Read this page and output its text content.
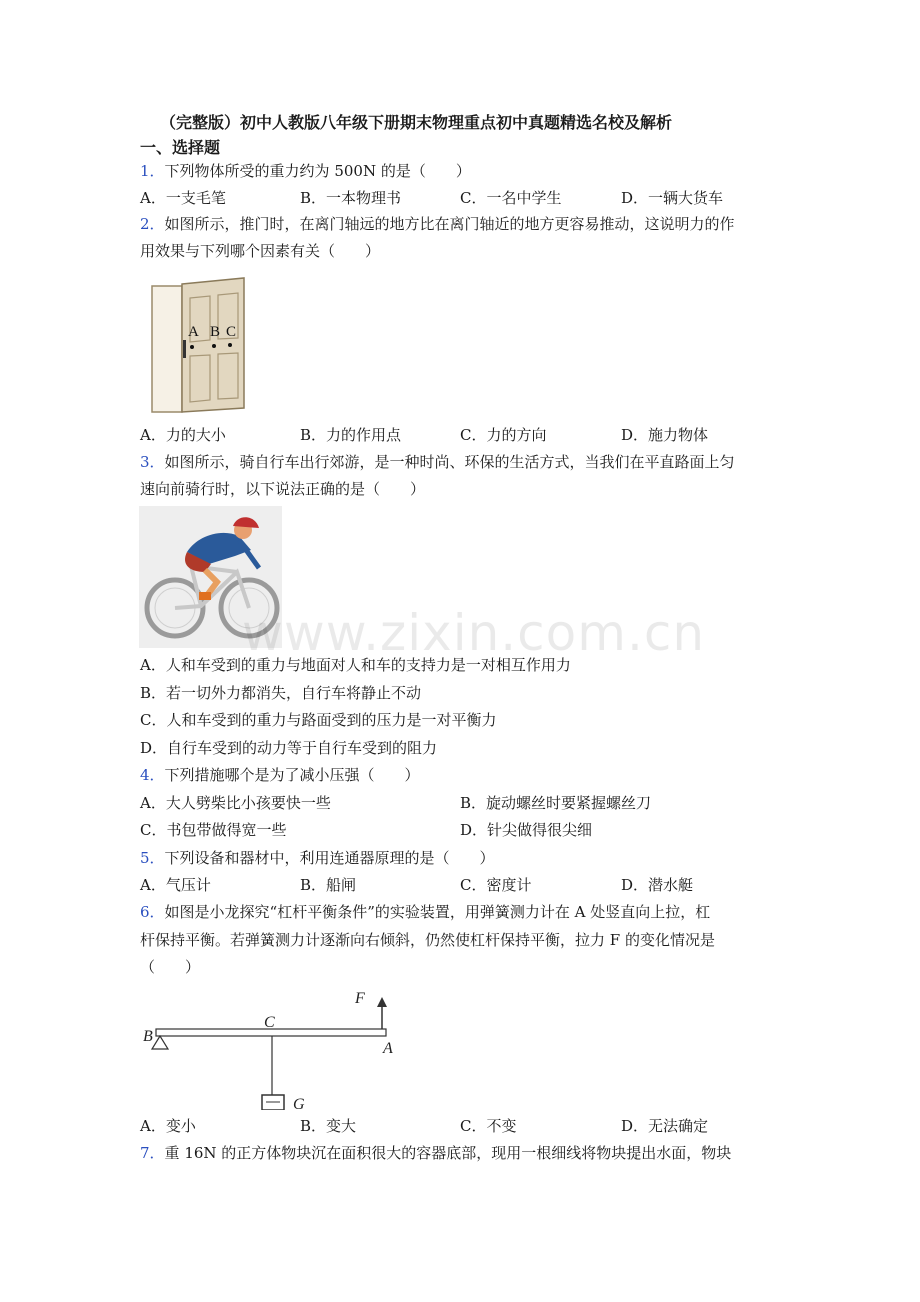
（完整版）初中人教版八年级下册期末物理重点初中真题精选名校及解析
一、选择题
1．下列物体所受的重力约为 500N 的是（　　）
A．一支毛笔	B．一本物理书	C．一名中学生	D．一辆大货车
2．如图所示，推门时，在离门轴远的地方比在离门轴近的地方更容易推动，这说明力的作
用效果与下列哪个因素有关（　　）
A B C
A．力的大小	B．力的作用点	C．力的方向	D．施力物体
3．如图所示，骑自行车出行郊游，是一种时尚、环保的生活方式，当我们在平直路面上匀
速向前骑行时，以下说法正确的是（　　）
A．人和车受到的重力与地面对人和车的支持力是一对相互作用力
B．若一切外力都消失，自行车将静止不动
C．人和车受到的重力与路面受到的压力是一对平衡力
D．自行车受到的动力等于自行车受到的阻力
4．下列措施哪个是为了减小压强（　　）
A．大人劈柴比小孩要快一些	B．旋动螺丝时要紧握螺丝刀
C．书包带做得宽一些	D．针尖做得很尖细
5．下列设备和器材中，利用连通器原理的是（　　）
A．气压计	B．船闸	C．密度计	D．潜水艇
6．如图是小龙探究“杠杆平衡条件”的实验装置，用弹簧测力计在 A 处竖直向上拉，杠
杆保持平衡。若弹簧测力计逐渐向右倾斜，仍然使杠杆保持平衡，拉力 F 的变化情况是
（　　）
F
B
C
A
G
A．变小	B．变大	C．不变	D．无法确定
7．重 16N 的正方体物块沉在面积很大的容器底部，现用一根细线将物块提出水面，物块
www.zixin.com.cn
